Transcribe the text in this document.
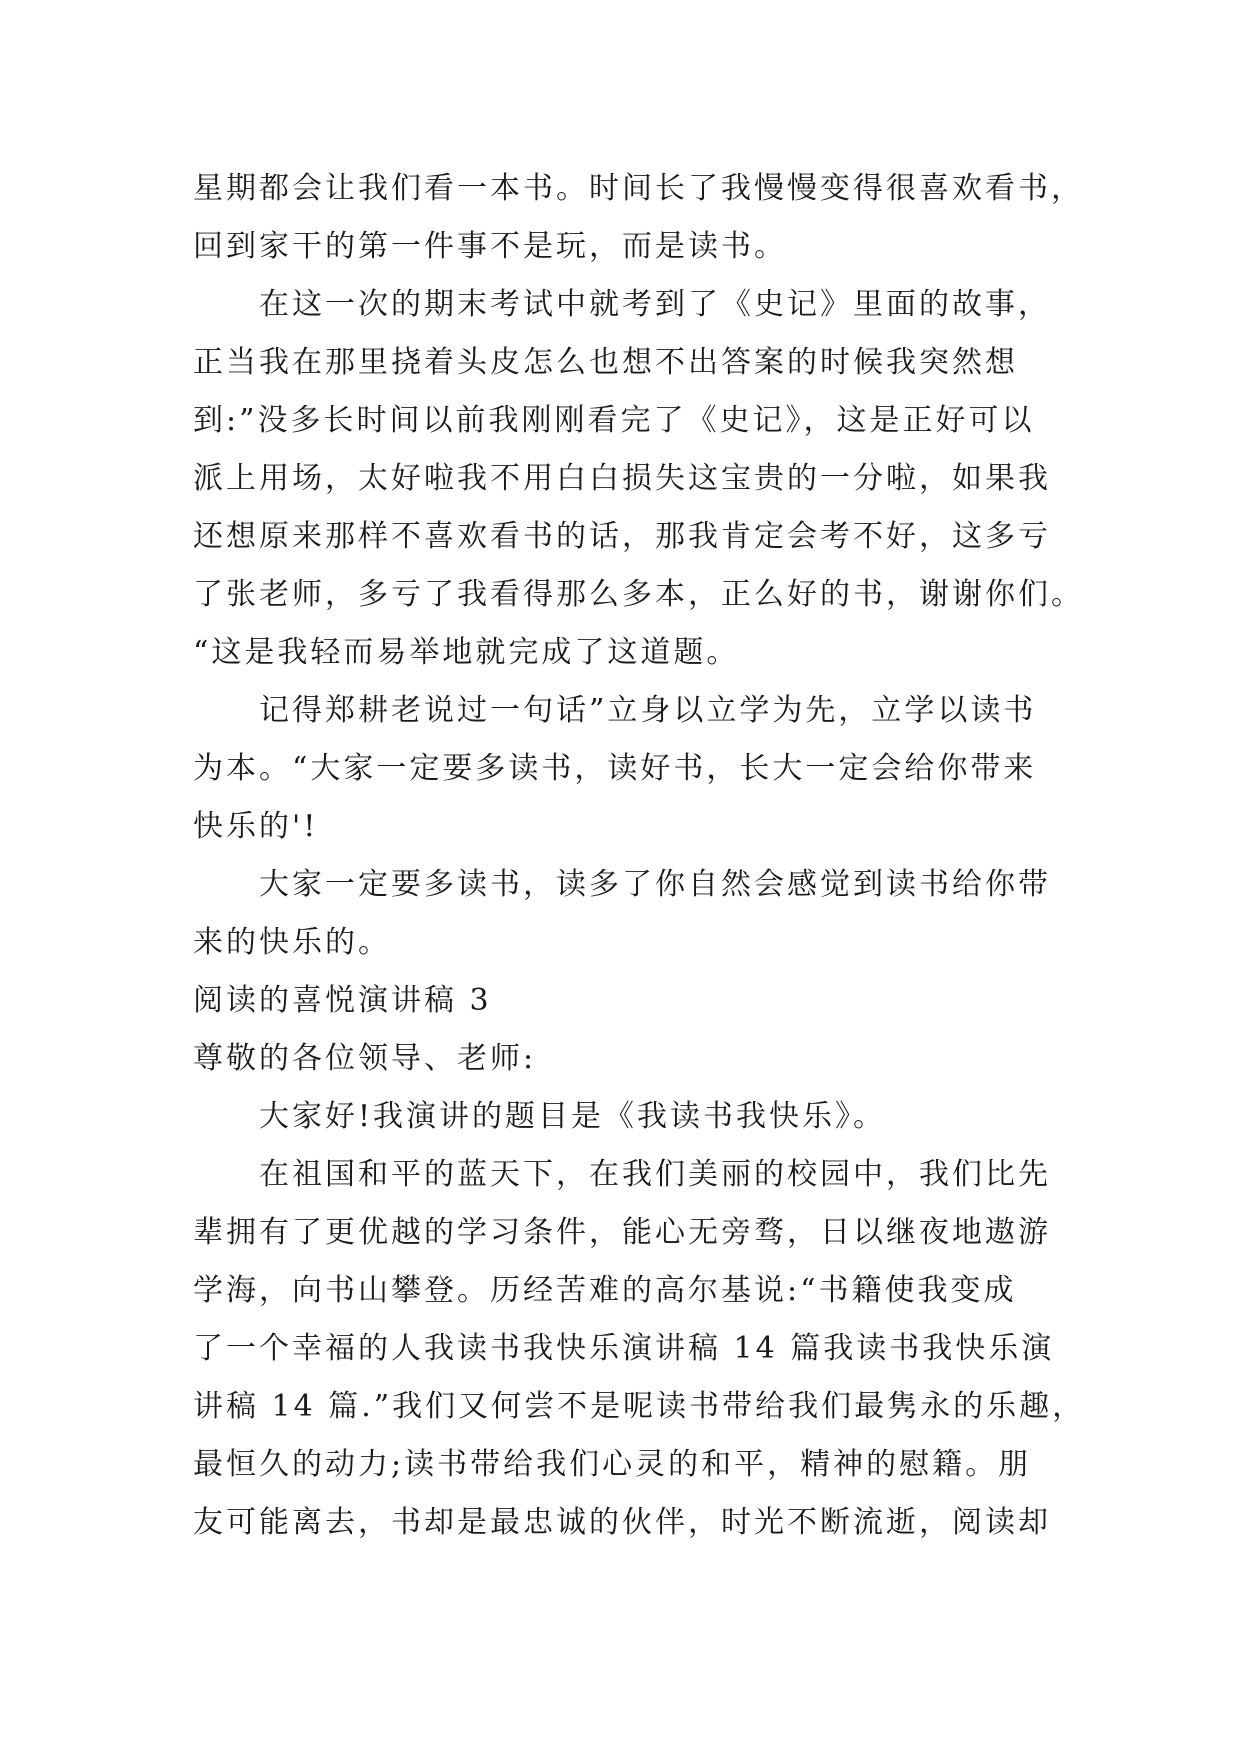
星期都会让我们看一本书。时间长了我慢慢变得很喜欢看书，
回到家干的第一件事不是玩，而是读书。
在这一次的期末考试中就考到了《史记》里面的故事，
正当我在那里挠着头皮怎么也想不出答案的时候我突然想
到:”没多长时间以前我刚刚看完了《史记》，这是正好可以
派上用场，太好啦我不用白白损失这宝贵的一分啦，如果我
还想原来那样不喜欢看书的话，那我肯定会考不好，这多亏
了张老师，多亏了我看得那么多本，正么好的书，谢谢你们。
“这是我轻而易举地就完成了这道题。
记得郑耕老说过一句话”立身以立学为先，立学以读书
为本。“大家一定要多读书，读好书，长大一定会给你带来
快乐的'!
大家一定要多读书，读多了你自然会感觉到读书给你带
来的快乐的。
阅读的喜悦演讲稿 3
尊敬的各位领导、老师:
大家好!我演讲的题目是《我读书我快乐》。
在祖国和平的蓝天下，在我们美丽的校园中，我们比先
辈拥有了更优越的学习条件，能心无旁骛，日以继夜地遨游
学海，向书山攀登。历经苦难的高尔基说:“书籍使我变成
了一个幸福的人我读书我快乐演讲稿 14 篇我读书我快乐演
讲稿 14 篇.”我们又何尝不是呢读书带给我们最隽永的乐趣，
最恒久的动力;读书带给我们心灵的和平，精神的慰籍。朋
友可能离去，书却是最忠诚的伙伴，时光不断流逝，阅读却
